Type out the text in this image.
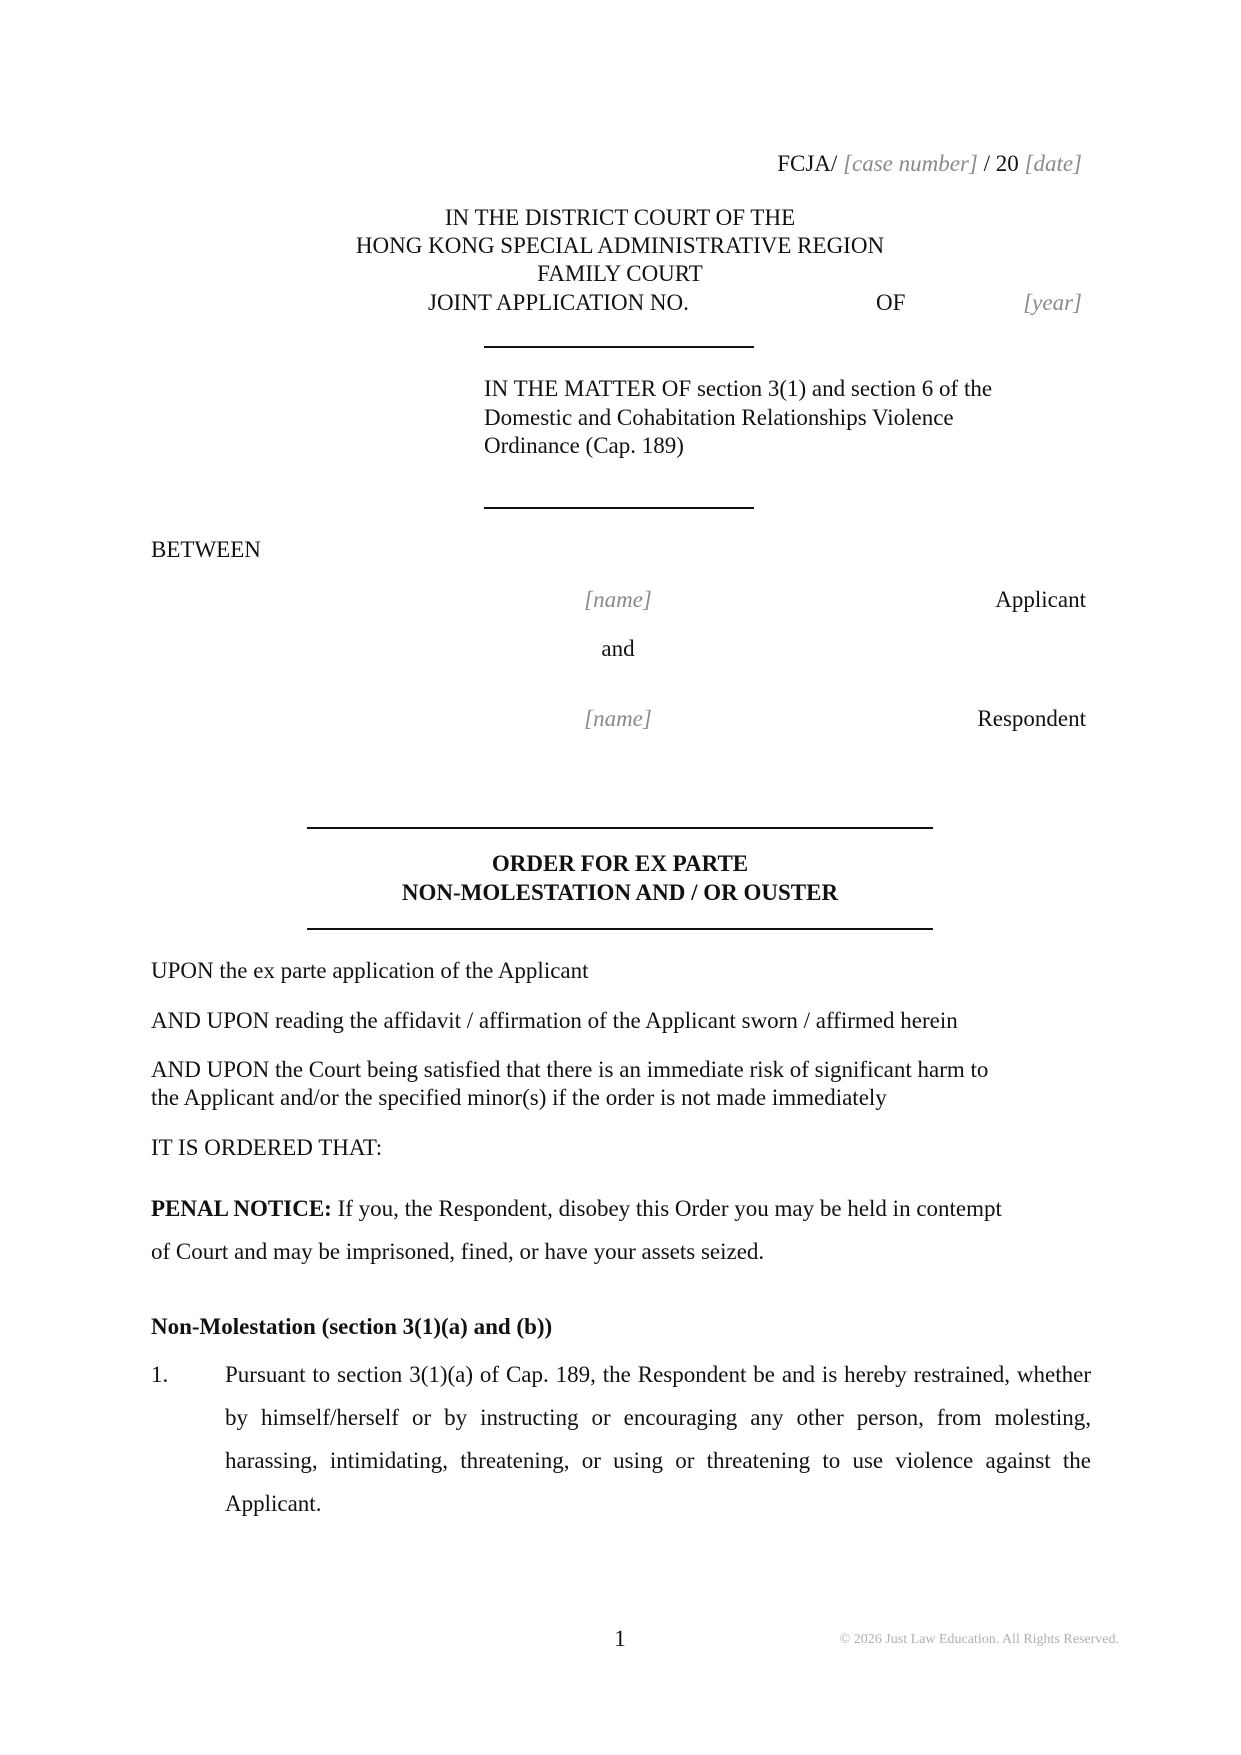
FCJA/ [case number] / 20 [date]
IN THE DISTRICT COURT OF THE
HONG KONG SPECIAL ADMINISTRATIVE REGION
FAMILY COURT
JOINT APPLICATION NO.	OF	[year]
IN THE MATTER OF section 3(1) and section 6 of the
Domestic and Cohabitation Relationships Violence
Ordinance (Cap. 189)
BETWEEN
[name]	Applicant
and
[name]	Respondent
ORDER FOR EX PARTE
NON-MOLESTATION AND / OR OUSTER
UPON the ex parte application of the Applicant
AND UPON reading the affidavit / affirmation of the Applicant sworn / affirmed herein
AND UPON the Court being satisfied that there is an immediate risk of significant harm to
the Applicant and/or the specified minor(s) if the order is not made immediately
IT IS ORDERED THAT:
PENAL NOTICE: If you, the Respondent, disobey this Order you may be held in contempt
of Court and may be imprisoned, fined, or have your assets seized.
Non-Molestation (section 3(1)(a) and (b))
1. Pursuant to section 3(1)(a) of Cap. 189, the Respondent be and is hereby restrained, whether by himself/herself or by instructing or encouraging any other person, from molesting, harassing, intimidating, threatening, or using or threatening to use violence against the Applicant.
1	© 2026 Just Law Education. All Rights Reserved.
